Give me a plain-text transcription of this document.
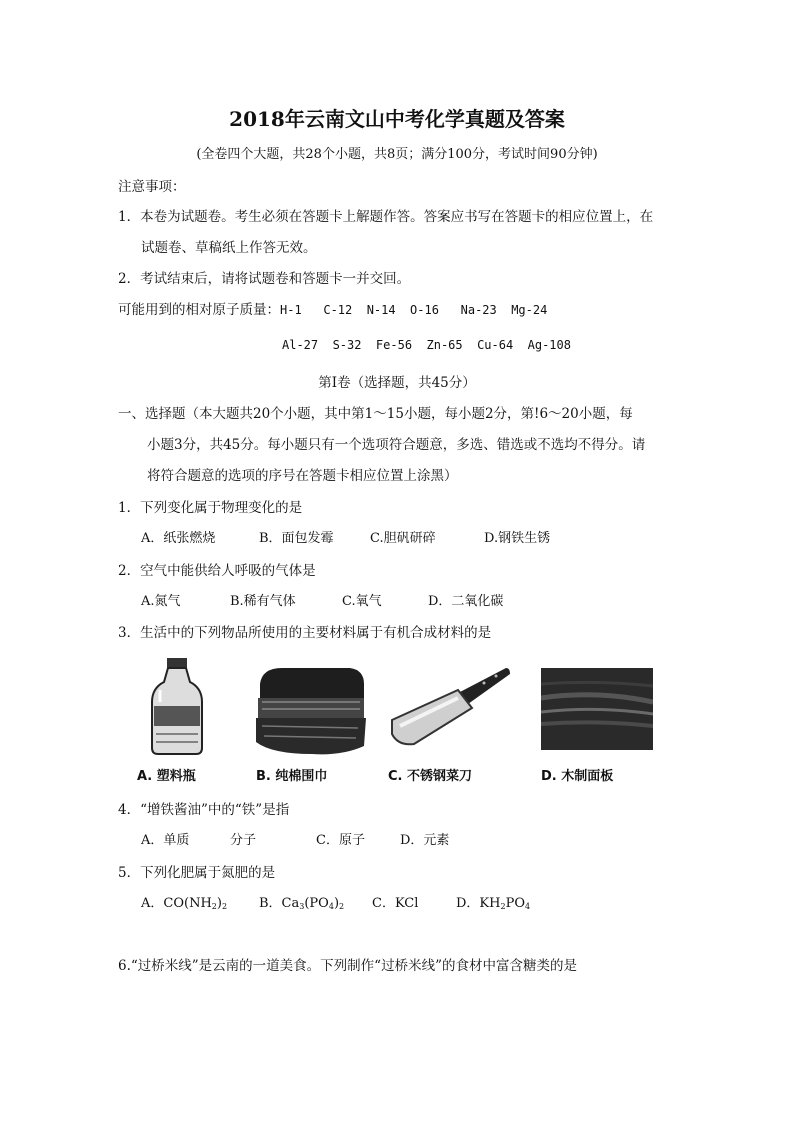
2018年云南文山中考化学真题及答案
(全卷四个大题，共28个小题，共8页；满分100分，考试时间90分钟)
注意事项：
1．本卷为试题卷。考生必须在答题卡上解题作答。答案应书写在答题卡的相应位置上，在
试题卷、草稿纸上作答无效。
2．考试结束后，请将试题卷和答题卡一并交回。
可能用到的相对原子质量：H-1   C-12  N-14  O-16   Na-23  Mg-24
Al-27  S-32  Fe-56  Zn-65  Cu-64  Ag-108
第Ⅰ卷（选择题，共45分）
一、选择题（本大题共20个小题，其中第1～15小题，每小题2分，第!6～20小题，每
小题3分，共45分。每小题只有一个选项符合题意，多选、错选或不选均不得分。请
将符合题意的选项的序号在答题卡相应位置上涂黑）
1．下列变化属于物理变化的是
A．纸张燃烧	B．面包发霉	C.胆矾研碎	D.钢铁生锈
2．空气中能供给人呼吸的气体是
A.氮气	B.稀有气体	C.氧气	D．二氧化碳
3．生活中的下列物品所使用的主要材料属于有机合成材料的是
A. 塑料瓶	B. 纯棉围巾	C. 不锈钢菜刀	D. 木制面板
4．“增铁酱油”中的“铁”是指
A．单质	分子	C．原子	D．元素
5．下列化肥属于氮肥的是
A．$CO(NH_2)_2$ B．$Ca_3(PO_4)_2$ C．KCl	D．$KH_2PO_4$
6.“过桥米线”是云南的一道美食。下列制作“过桥米线”的食材中富含糖类的是
